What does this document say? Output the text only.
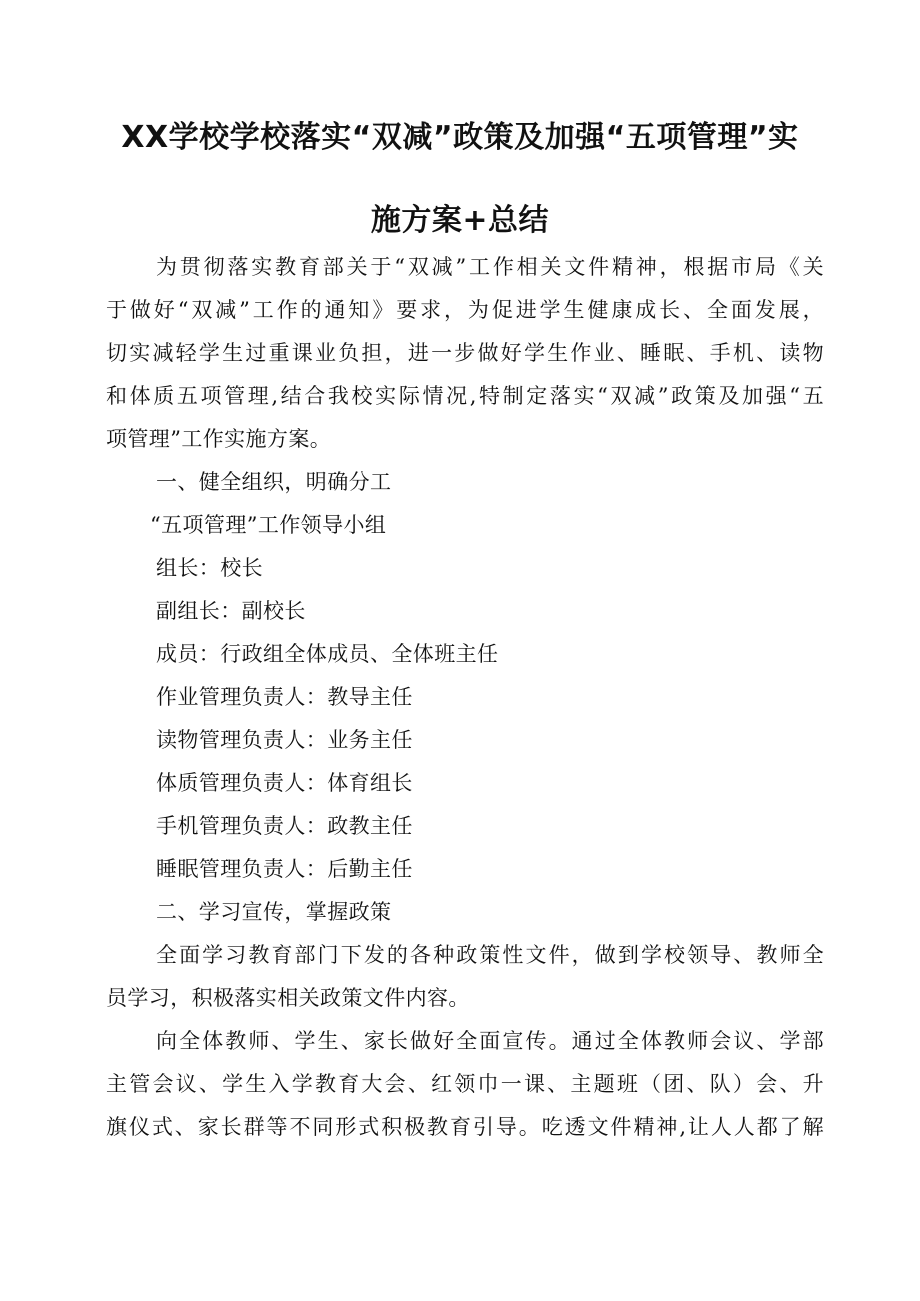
XX学校学校落实“双减”政策及加强“五项管理”实
施方案+总结
为贯彻落实教育部关于“双减”工作相关文件精神，根据市局《关
于做好“双减”工作的通知》要求，为促进学生健康成长、全面发展，
切实减轻学生过重课业负担，进一步做好学生作业、睡眠、手机、读物
和体质五项管理,结合我校实际情况,特制定落实“双减”政策及加强“五
项管理”工作实施方案。
一、健全组织，明确分工
“五项管理”工作领导小组
组长：校长
副组长：副校长
成员：行政组全体成员、全体班主任
作业管理负责人：教导主任
读物管理负责人：业务主任
体质管理负责人：体育组长
手机管理负责人：政教主任
睡眠管理负责人：后勤主任
二、学习宣传，掌握政策
全面学习教育部门下发的各种政策性文件，做到学校领导、教师全
员学习，积极落实相关政策文件内容。
向全体教师、学生、家长做好全面宣传。通过全体教师会议、学部
主管会议、学生入学教育大会、红领巾一课、主题班（团、队）会、升
旗仪式、家长群等不同形式积极教育引导。吃透文件精神,让人人都了解
